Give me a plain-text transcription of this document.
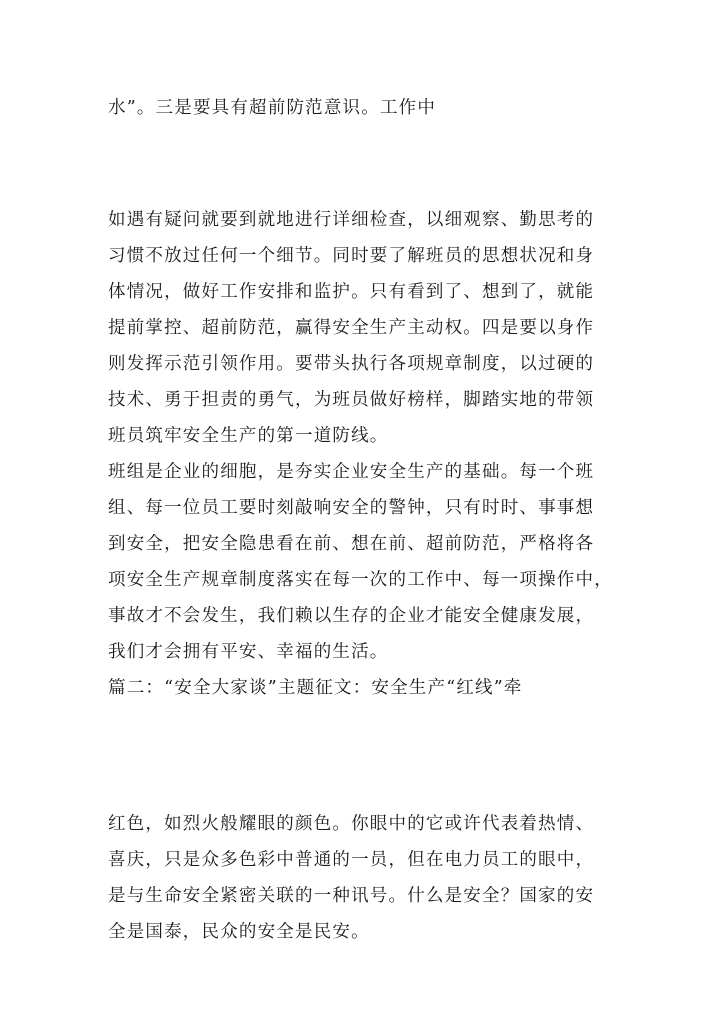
水”。三是要具有超前防范意识。工作中
如遇有疑问就要到就地进行详细检查，以细观察、勤思考的
习惯不放过任何一个细节。同时要了解班员的思想状况和身
体情况，做好工作安排和监护。只有看到了、想到了，就能
提前掌控、超前防范，赢得安全生产主动权。四是要以身作
则发挥示范引领作用。要带头执行各项规章制度，以过硬的
技术、勇于担责的勇气，为班员做好榜样，脚踏实地的带领
班员筑牢安全生产的第一道防线。
班组是企业的细胞，是夯实企业安全生产的基础。每一个班
组、每一位员工要时刻敲响安全的警钟，只有时时、事事想
到安全，把安全隐患看在前、想在前、超前防范，严格将各
项安全生产规章制度落实在每一次的工作中、每一项操作中，
事故才不会发生，我们赖以生存的企业才能安全健康发展，
我们才会拥有平安、幸福的生活。
篇二：“安全大家谈”主题征文：安全生产“红线”牵
红色，如烈火般耀眼的颜色。你眼中的它或许代表着热情、
喜庆，只是众多色彩中普通的一员，但在电力员工的眼中，
是与生命安全紧密关联的一种讯号。什么是安全？国家的安
全是国泰，民众的安全是民安。
